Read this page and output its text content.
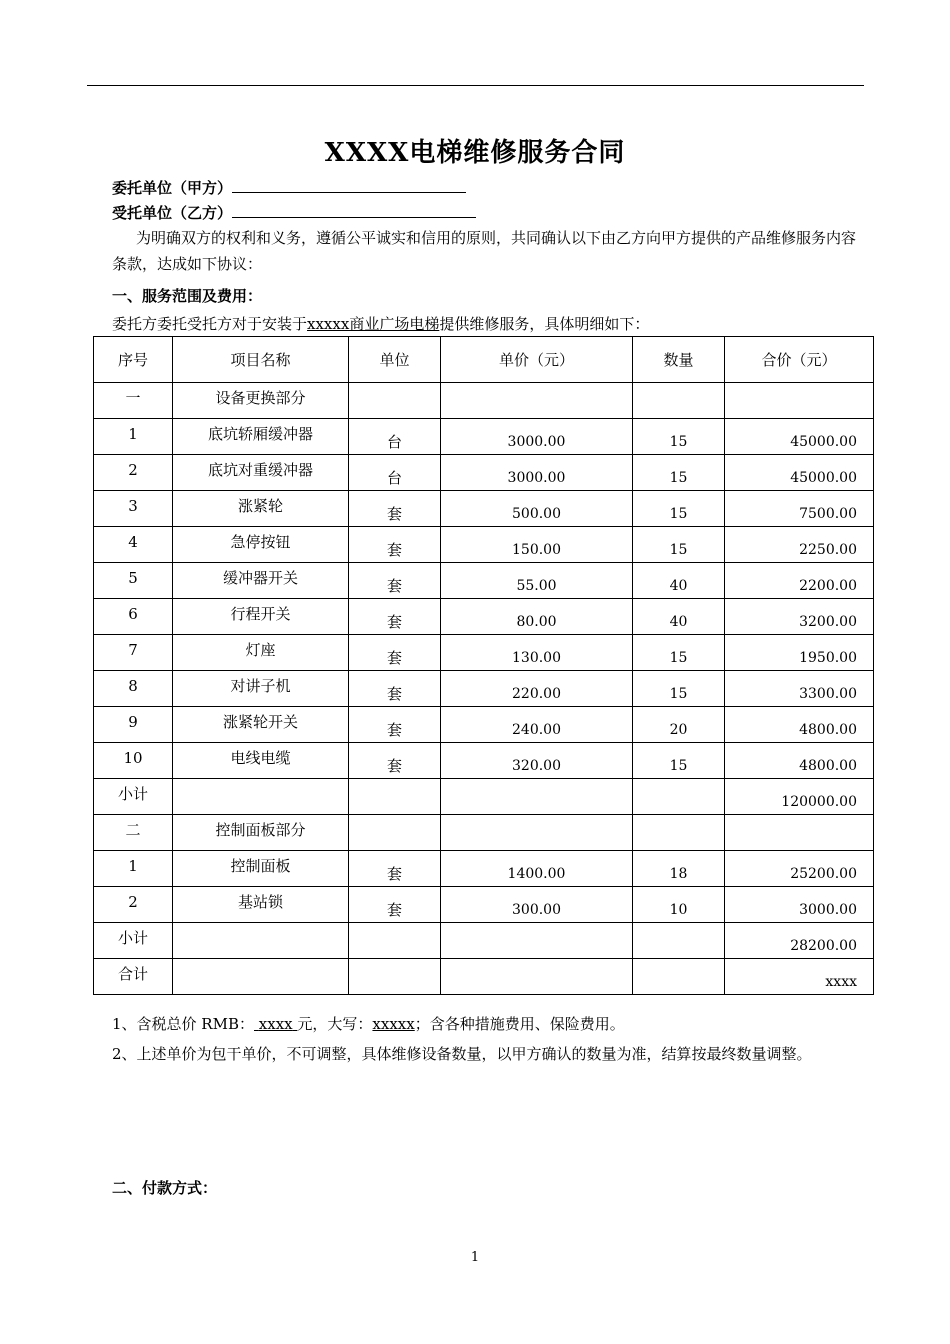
XXXX电梯维修服务合同
委托单位（甲方）
受托单位（乙方）
为明确双方的权利和义务，遵循公平诚实和信用的原则，共同确认以下由乙方向甲方提供的产品维修服务内容条款，达成如下协议：
一、服务范围及费用：
委托方委托受托方对于安装于xxxxx商业广场电梯提供维修服务，具体明细如下：
序号	项目名称	单位	单价（元）	数量	合价（元）
一	设备更换部分				
1	底坑轿厢缓冲器	台	3000.00	15	45000.00
2	底坑对重缓冲器	台	3000.00	15	45000.00
3	涨紧轮	套	500.00	15	7500.00
4	急停按钮	套	150.00	15	2250.00
5	缓冲器开关	套	55.00	40	2200.00
6	行程开关	套	80.00	40	3200.00
7	灯座	套	130.00	15	1950.00
8	对讲子机	套	220.00	15	3300.00
9	涨紧轮开关	套	240.00	20	4800.00
10	电线电缆	套	320.00	15	4800.00
小计					120000.00
二	控制面板部分				
1	控制面板	套	1400.00	18	25200.00
2	基站锁	套	300.00	10	3000.00
小计					28200.00
合计					xxxx
1、含税总价 RMB： xxxx 元，大写：xxxxx；含各种措施费用、保险费用。
2、上述单价为包干单价，不可调整，具体维修设备数量，以甲方确认的数量为准，结算按最终数量调整。
二、付款方式：
1
